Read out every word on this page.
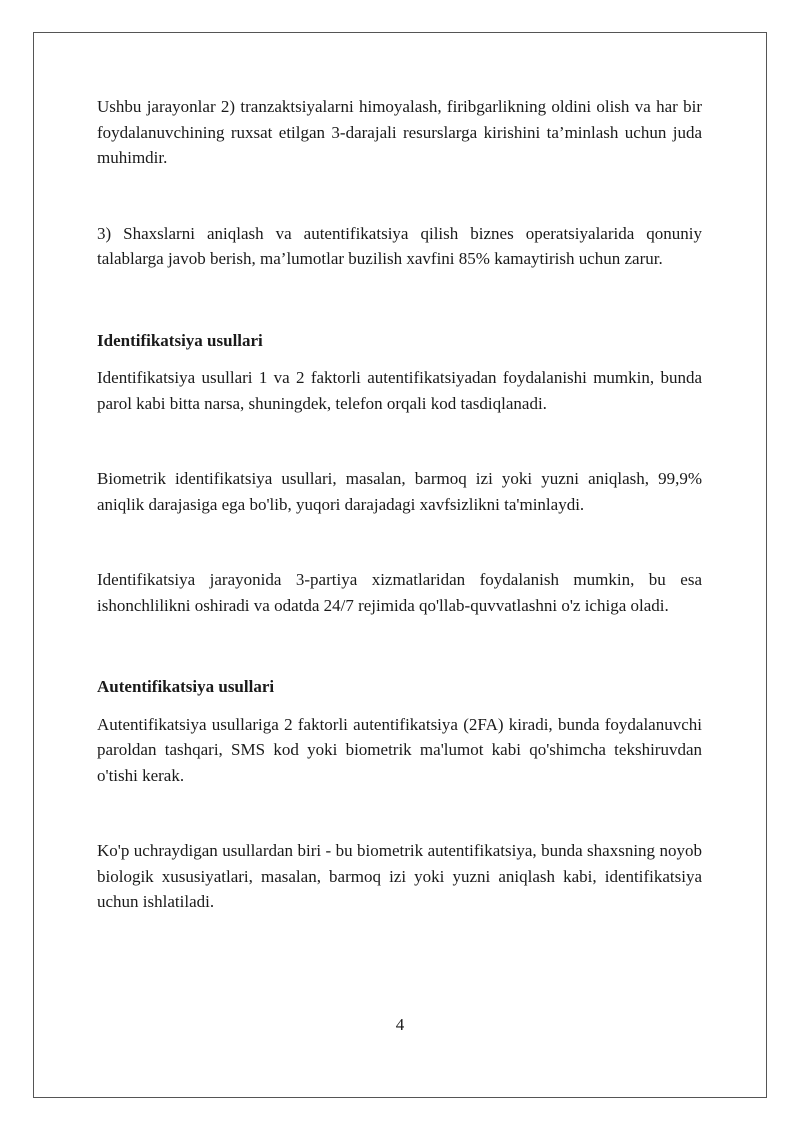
Ushbu jarayonlar 2) tranzaktsiyalarni himoyalash, firibgarlikning oldini olish va har bir foydalanuvchining ruxsat etilgan 3-darajali resurslarga kirishini ta’minlash uchun juda muhimdir.

3) Shaxslarni aniqlash va autentifikatsiya qilish biznes operatsiyalarida qonuniy talablarga javob berish, ma’lumotlar buzilish xavfini 85% kamaytirish uchun zarur.

Identifikatsiya usullari

Identifikatsiya usullari 1 va 2 faktorli autentifikatsiyadan foydalanishi mumkin, bunda parol kabi bitta narsa, shuningdek, telefon orqali kod tasdiqlanadi.

Biometrik identifikatsiya usullari, masalan, barmoq izi yoki yuzni aniqlash, 99,9% aniqlik darajasiga ega bo'lib, yuqori darajadagi xavfsizlikni ta'minlaydi.

Identifikatsiya jarayonida 3-partiya xizmatlaridan foydalanish mumkin, bu esa ishonchlilikni oshiradi va odatda 24/7 rejimida qo'llab-quvvatlashni o'z ichiga oladi.

Autentifikatsiya usullari

Autentifikatsiya usullariga 2 faktorli autentifikatsiya (2FA) kiradi, bunda foydalanuvchi paroldan tashqari, SMS kod yoki biometrik ma'lumot kabi qo'shimcha tekshiruvdan o'tishi kerak.

Ko'p uchraydigan usullardan biri - bu biometrik autentifikatsiya, bunda shaxsning noyob biologik xususiyatlari, masalan, barmoq izi yoki yuzni aniqlash kabi, identifikatsiya uchun ishlatiladi.

4
